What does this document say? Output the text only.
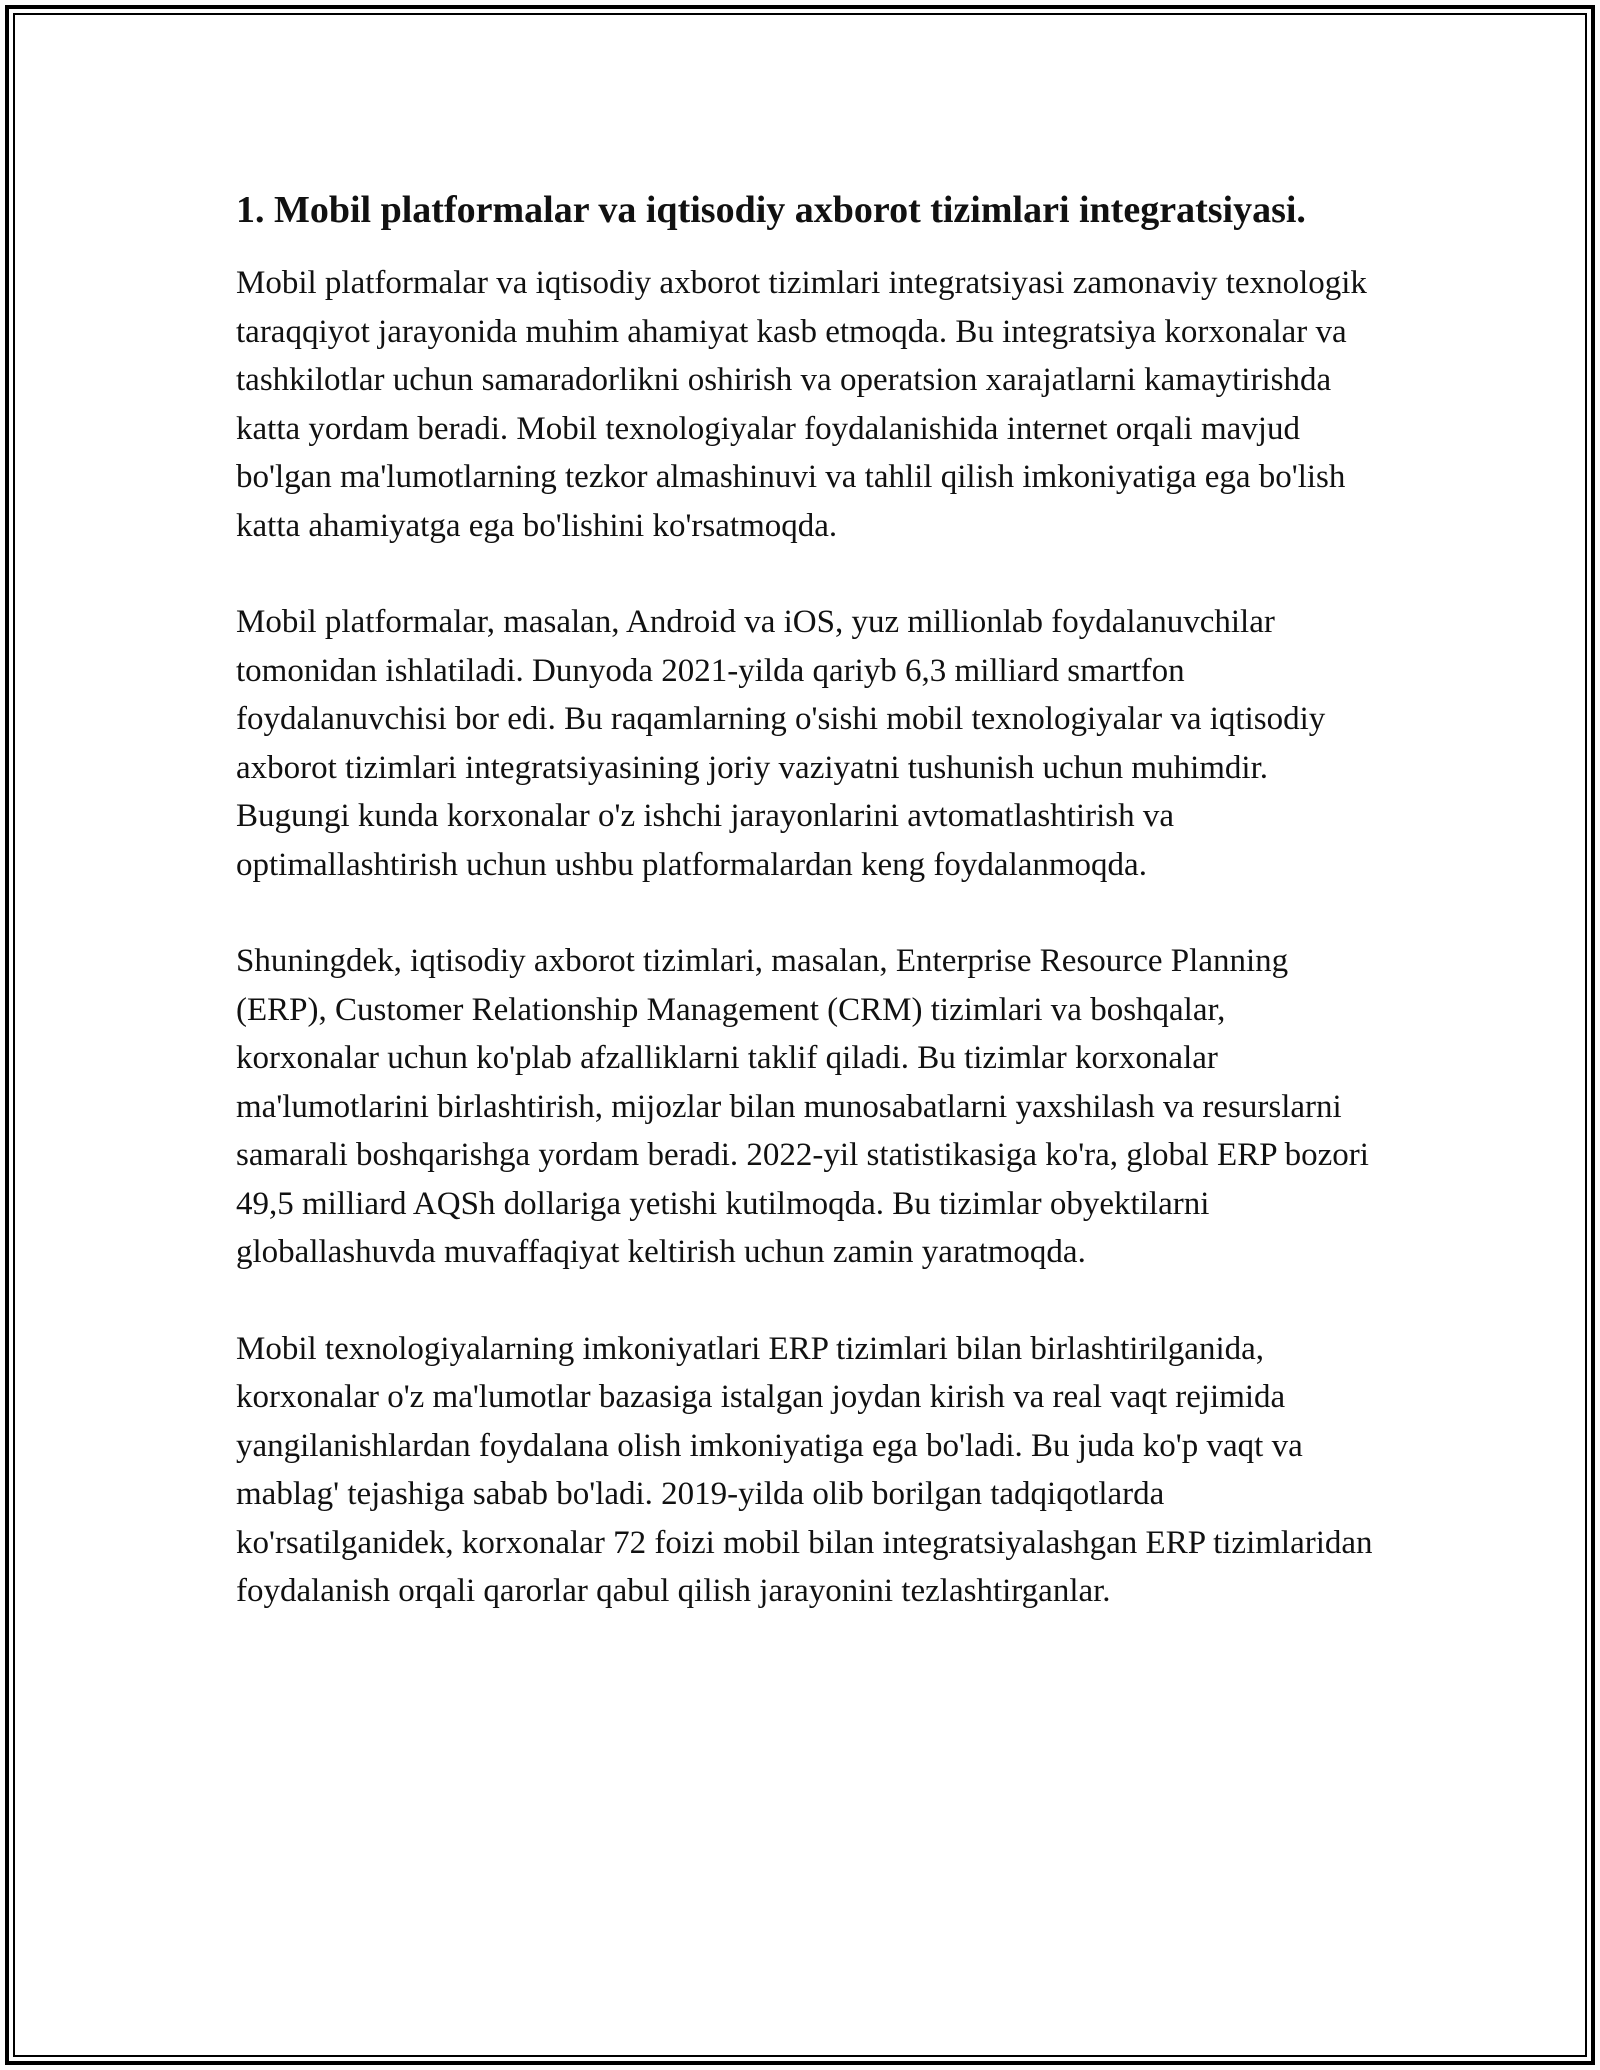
1. Mobil platformalar va iqtisodiy axborot tizimlari integratsiyasi.

Mobil platformalar va iqtisodiy axborot tizimlari integratsiyasi zamonaviy texnologik taraqqiyot jarayonida muhim ahamiyat kasb etmoqda. Bu integratsiya korxonalar va tashkilotlar uchun samaradorlikni oshirish va operatsion xarajatlarni kamaytirishda katta yordam beradi. Mobil texnologiyalar foydalanishida internet orqali mavjud bo'lgan ma'lumotlarning tezkor almashinuvi va tahlil qilish imkoniyatiga ega bo'lish katta ahamiyatga ega bo'lishini ko'rsatmoqda.

Mobil platformalar, masalan, Android va iOS, yuz millionlab foydalanuvchilar tomonidan ishlatiladi. Dunyoda 2021-yilda qariyb 6,3 milliard smartfon foydalanuvchisi bor edi. Bu raqamlarning o'sishi mobil texnologiyalar va iqtisodiy axborot tizimlari integratsiyasining joriy vaziyatni tushunish uchun muhimdir. Bugungi kunda korxonalar o'z ishchi jarayonlarini avtomatlashtirish va optimallashtirish uchun ushbu platformalardan keng foydalanmoqda.

Shuningdek, iqtisodiy axborot tizimlari, masalan, Enterprise Resource Planning (ERP), Customer Relationship Management (CRM) tizimlari va boshqalar, korxonalar uchun ko'plab afzalliklarni taklif qiladi. Bu tizimlar korxonalar ma'lumotlarini birlashtirish, mijozlar bilan munosabatlarni yaxshilash va resurslarni samarali boshqarishga yordam beradi. 2022-yil statistikasiga ko'ra, global ERP bozori 49,5 milliard AQSh dollariga yetishi kutilmoqda. Bu tizimlar obyektilarni globallashuvda muvaffaqiyat keltirish uchun zamin yaratmoqda.

Mobil texnologiyalarning imkoniyatlari ERP tizimlari bilan birlashtirilganida, korxonalar o'z ma'lumotlar bazasiga istalgan joydan kirish va real vaqt rejimida yangilanishlardan foydalana olish imkoniyatiga ega bo'ladi. Bu juda ko'p vaqt va mablag' tejashiga sabab bo'ladi. 2019-yilda olib borilgan tadqiqotlarda ko'rsatilganidek, korxonalar 72 foizi mobil bilan integratsiyalashgan ERP tizimlaridan foydalanish orqali qarorlar qabul qilish jarayonini tezlashtirganlar.
